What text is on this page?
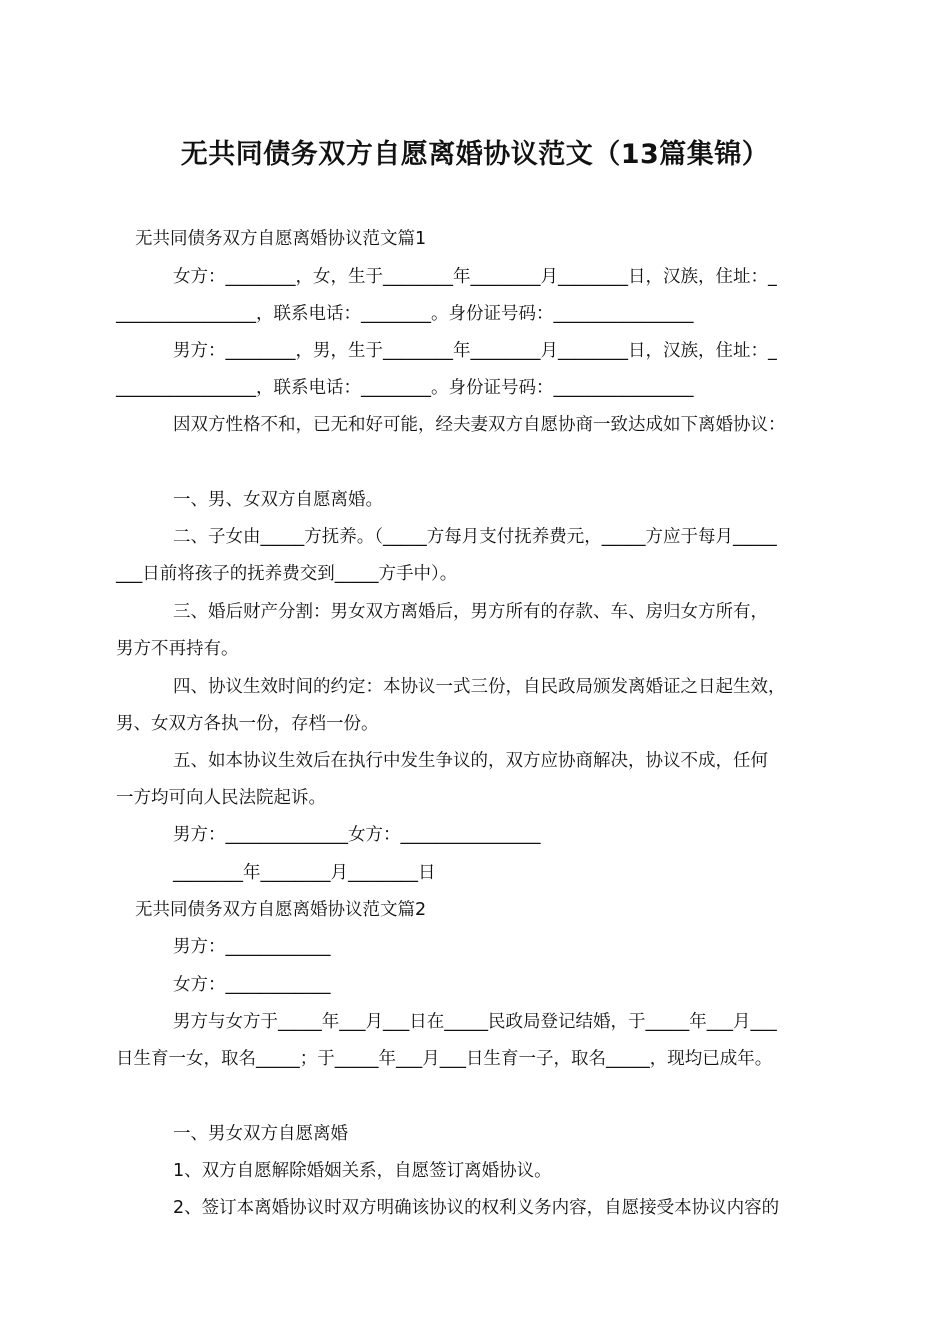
无共同债务双方自愿离婚协议范文（13篇集锦）
无共同债务双方自愿离婚协议范文篇1
女方：________，女，生于________年________月________日，汉族，住址：_
________________，联系电话：________。身份证号码：________________
男方：________，男，生于________年________月________日，汉族，住址：_
________________，联系电话：________。身份证号码：________________
因双方性格不和，已无和好可能，经夫妻双方自愿协商一致达成如下离婚协议：
一、男、女双方自愿离婚。
二、子女由_____方抚养。（_____方每月支付抚养费元，_____方应于每月_____
___日前将孩子的抚养费交到_____方手中）。
三、婚后财产分割：男女双方离婚后，男方所有的存款、车、房归女方所有，
男方不再持有。
四、协议生效时间的约定：本协议一式三份，自民政局颁发离婚证之日起生效，
男、女双方各执一份，存档一份。
五、如本协议生效后在执行中发生争议的，双方应协商解决，协议不成，任何
一方均可向人民法院起诉。
男方：______________女方：________________
________年________月________日
无共同债务双方自愿离婚协议范文篇2
男方：____________
女方：____________
男方与女方于_____年___月___日在_____民政局登记结婚，于_____年___月___
日生育一女，取名_____；于_____年___月___日生育一子，取名_____，现均已成年。
一、男女双方自愿离婚
1、双方自愿解除婚姻关系，自愿签订离婚协议。
2、签订本离婚协议时双方明确该协议的权利义务内容，自愿接受本协议内容的
